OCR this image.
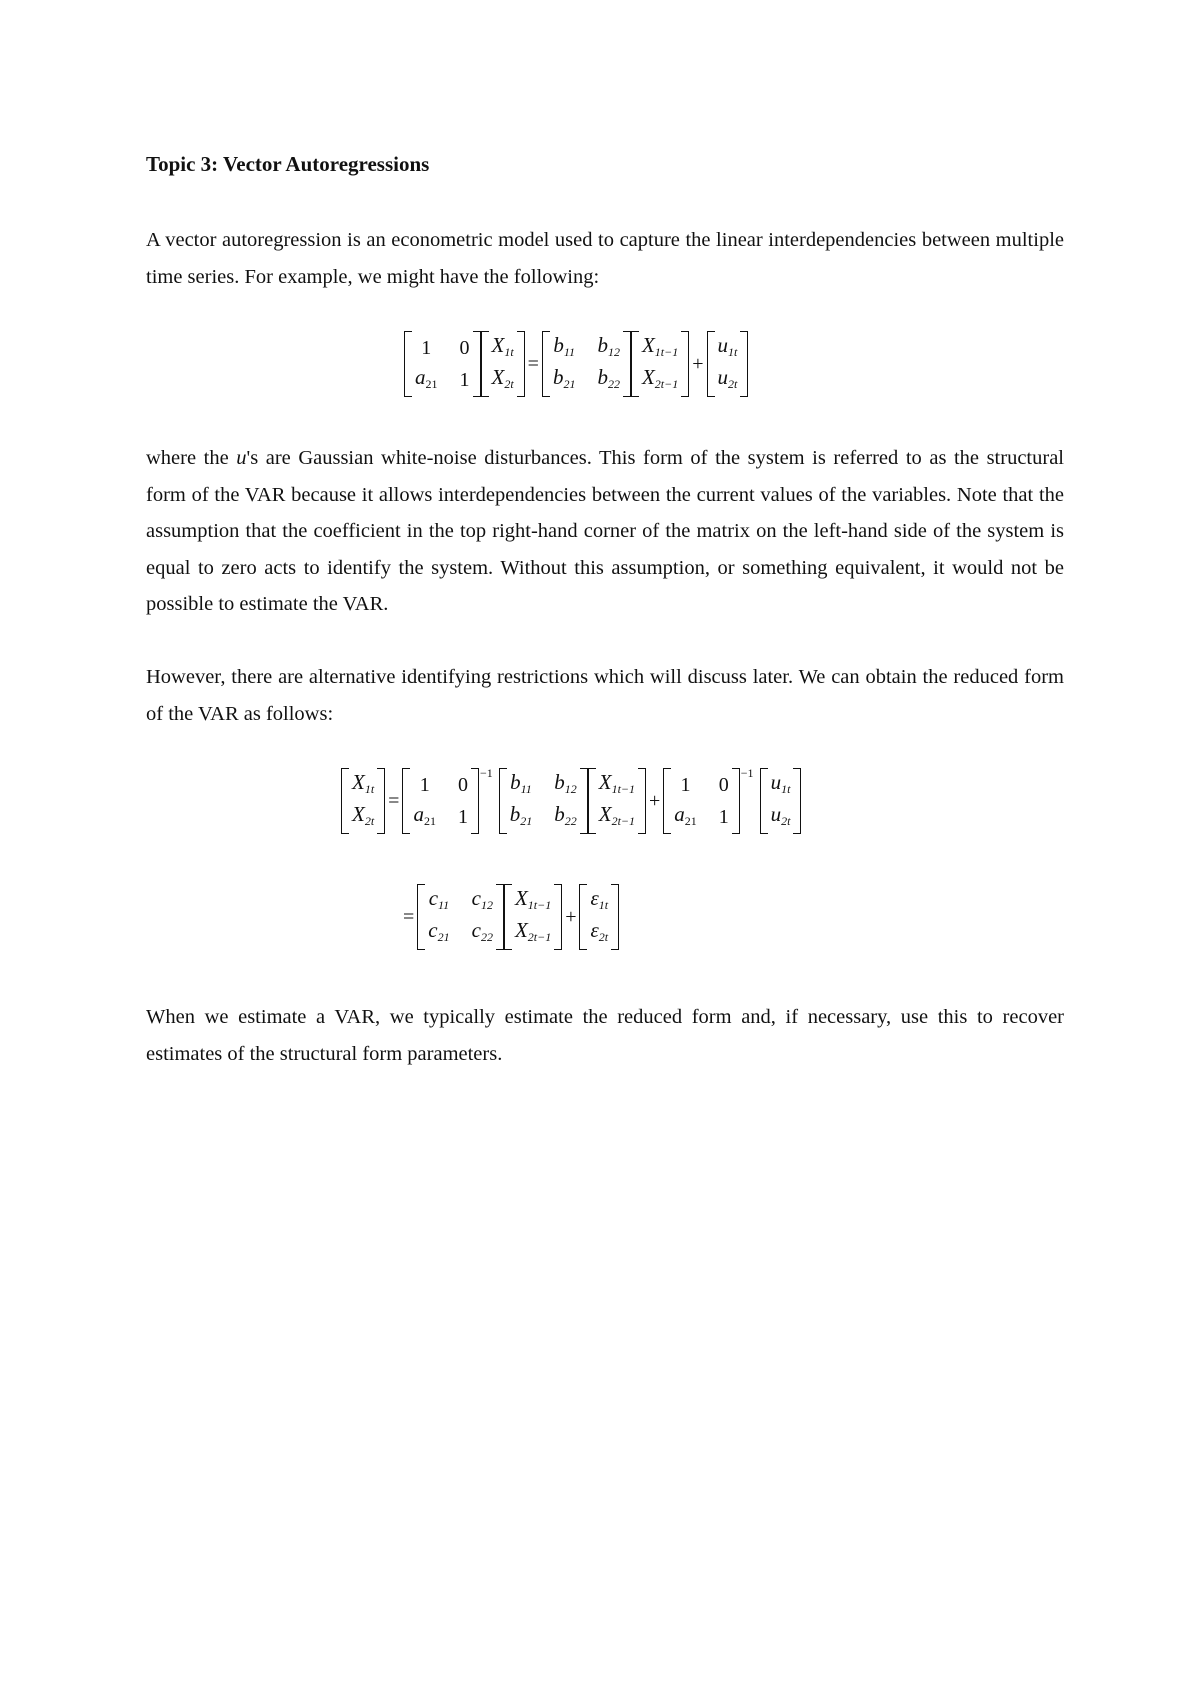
Topic 3: Vector Autoregressions
A vector autoregression is an econometric model used to capture the linear interdependencies between multiple time series. For example, we might have the following:
1	0
$a_{21}$ 1
$X_{1t}$
$X_{2t}$
=
$b_{11}$ $b_{12}$
$b_{21}$ $b_{22}$
$X_{1t-1}$
$X_{2t-1}$
+
$u_{1t}$
$u_{2t}$
where the u's are Gaussian white-noise disturbances. This form of the system is referred to as the structural form of the VAR because it allows interdependencies between the current values of the variables. Note that the assumption that the coefficient in the top right-hand corner of the matrix on the left-hand side of the system is equal to zero acts to identify the system. Without this assumption, or something equivalent, it would not be possible to estimate the VAR.
However, there are alternative identifying restrictions which will discuss later. We can obtain the reduced form of the VAR as follows:
$X_{1t}$
$X_{2t}$
=
1	0
$a_{21}$ 1
−1 $b_{11}$ $b_{12}$
$b_{21}$ $b_{22}$
$X_{1t-1}$
$X_{2t-1}$
+
1	0
$a_{21}$ 1
−1 $u_{1t}$
$u_{2t}$
=
$c_{11}$ $c_{12}$
$c_{21}$ $c_{22}$
$X_{1t-1}$
$X_{2t-1}$
+
$\varepsilon_{1t}$
$\varepsilon_{2t}$
When we estimate a VAR, we typically estimate the reduced form and, if necessary, use this to recover estimates of the structural form parameters.
